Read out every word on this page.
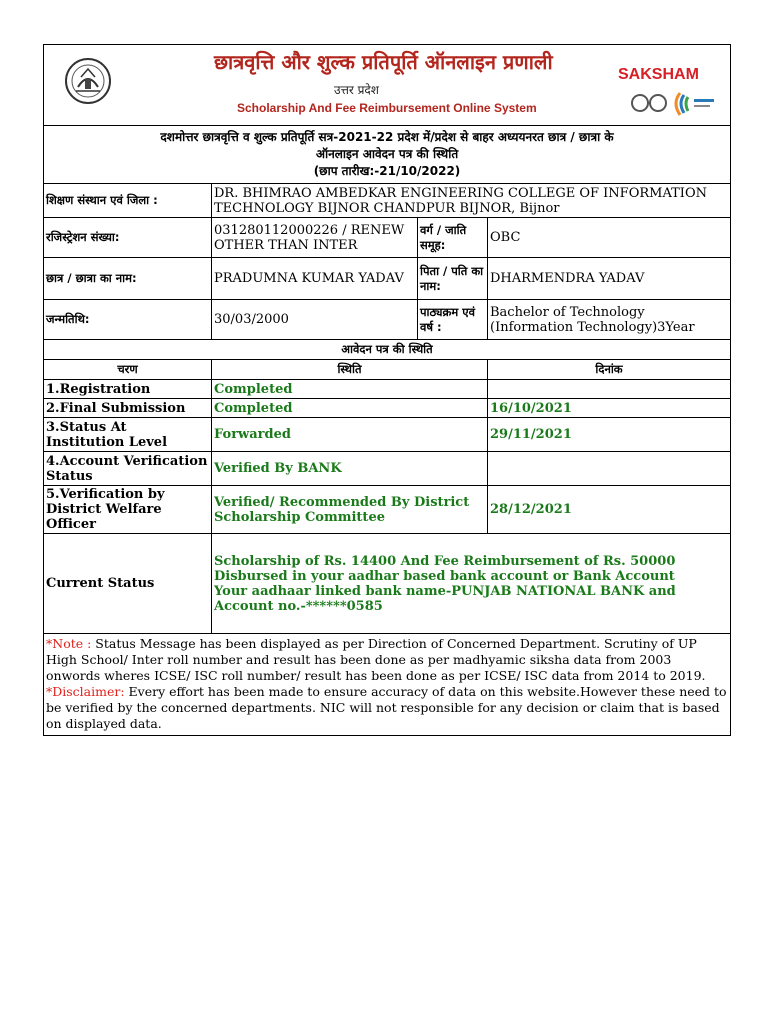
छात्रवृत्ति और शुल्क प्रतिपूर्ति ऑनलाइन प्रणाली
उत्तर प्रदेश
Scholarship And Fee Reimbursement Online System
SAKSHAM			

दशमोत्तर छात्रवृत्ति व शुल्क प्रतिपूर्ति सत्र-2021-22 प्रदेश में/प्रदेश से बाहर अध्ययनरत छात्र / छात्रा के
ऑनलाइन आवेदन पत्र की स्थिति
(छाप तारीख:-21/10/2022)			

शिक्षण संस्थान एवं जिला :	DR. BHIMRAO AMBEDKAR ENGINEERING COLLEGE OF INFORMATION TECHNOLOGY BIJNOR CHANDPUR BIJNOR, Bijnor		
रजिस्ट्रेशन संख्या:	031280112000226 / RENEW OTHER THAN INTER	वर्ग / जाति समूह:	OBC
छात्र / छात्रा का नाम:	PRADUMNA KUMAR YADAV	पिता / पति का नाम:	DHARMENDRA YADAV
जन्मतिथि:	30/03/2000	पाठ्यक्रम एवं वर्ष :	Bachelor of Technology (Information Technology)3Year
आवेदन पत्र की स्थिति			
चरण	स्थिति		दिनांक
1.Registration	Completed		
2.Final Submission	Completed		16/10/2021
3.Status At Institution Level	Forwarded		29/11/2021
4.Account Verification Status	Verified By BANK		
5.Verification by District Welfare Officer	Verified/ Recommended By District Scholarship Committee		28/12/2021
Current Status	Scholarship of Rs. 14400 And Fee Reimbursement of Rs. 50000 Disbursed in your aadhar based bank account or Bank Account
Your aadhaar linked bank name-PUNJAB NATIONAL BANK and Account no.-******0585		

*Note : Status Message has been displayed as per Direction of Concerned Department. Scrutiny of UP High School/ Inter roll number and result has been done as per madhyamic siksha data from 2003 onwords wheres ICSE/ ISC roll number/ result has been done as per ICSE/ ISC data from 2014 to 2019.
*Disclaimer: Every effort has been made to ensure accuracy of data on this website.However these need to be verified by the concerned departments. NIC will not responsible for any decision or claim that is based on displayed data.			
